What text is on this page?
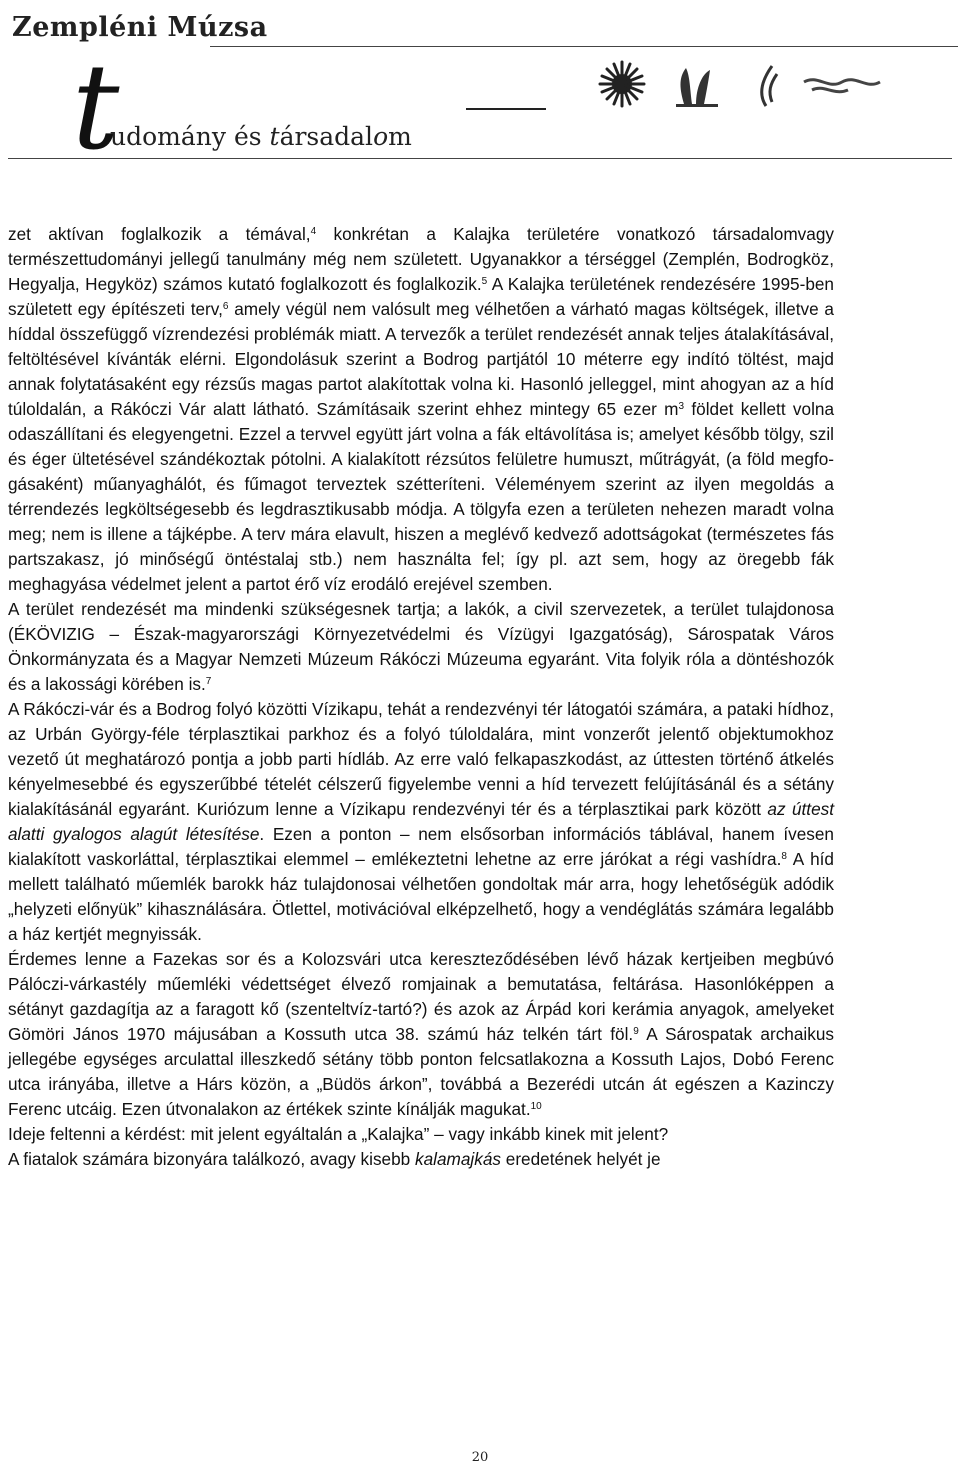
Zempléni Múzsa
t
udomány és társadalom

zet aktívan foglalkozik a témával,$^4$ konkrétan a Kalajka területére vonatkozó társadalomvagy természettudományi jellegű tanulmány még nem született. Ugyanakkor a térséggel (Zemplén, Bodrogköz, Hegyalja, Hegyköz) számos kutató foglalkozott és foglalkozik.$^5$ A Kalajka területének rendezésére 1995-ben született egy építészeti terv,$^6$ amely végül nem valósult meg vélhetően a várható magas költségek, illetve a híddal összefüggő vízrendezési problémák miatt. A tervezők a terület rendezését annak teljes átalakításával, feltöltésével kívánták elérni. Elgondolásuk szerint a Bodrog partjától 10 méterre egy indító töltést, majd annak folytatásaként egy rézsűs magas partot alakítottak volna ki. Hasonló jelleggel, mint ahogyan az a híd túloldalán, a Rákóczi Vár alatt látható. Számításaik szerint ehhez mintegy 65 ezer $m^3$ földet kellett volna odaszállítani és elegyengetni. Ezzel a tervvel együtt járt volna a fák eltávolítása is; amelyet később tölgy, szil és éger ültetésével szándékoztak pótolni. A kialakított rézsútos felületre humuszt, műtrágyát, (a föld megfogásaként) műanyaghálót, és fűmagot terveztek szétteríteni. Véleményem szerint az ilyen megoldás a térrendezés legköltségesebb és legdrasztikusabb módja. A tölgyfa ezen a területen nehezen maradt volna meg; nem is illene a tájképbe. A terv mára elavult, hiszen a meglévő kedvező adottságokat (természetes fás partszakasz, jó minőségű öntéstalaj stb.) nem használta fel; így pl. azt sem, hogy az öregebb fák meghagyása védelmet jelent a partot érő víz erodáló erejével szemben.

A terület rendezését ma mindenki szükségesnek tartja; a lakók, a civil szervezetek, a terület tulajdonosa (ÉKÖVIZIG – Észak-magyarországi Környezetvédelmi és Vízügyi Igazgatóság), Sárospatak Város Önkormányzata és a Magyar Nemzeti Múzeum Rákóczi Múzeuma egyaránt. Vita folyik róla a döntéshozók és a lakossági körében is.$^7$

A Rákóczi-vár és a Bodrog folyó közötti Vízikapu, tehát a rendezvényi tér látogatói számára, a pataki hídhoz, az Urbán György-féle térplasztikai parkhoz és a folyó túloldalára, mint vonzerőt jelentő objektumokhoz vezető út meghatározó pontja a jobb parti hídláb. Az erre való felkapaszkodást, az úttesten történő átkelés kényelmesebbé és egyszerűbbé tételét célszerű figyelembe venni a híd tervezett felújításánál és a sétány kialakításánál egyaránt. Kuriózum lenne a Vízikapu rendezvényi tér és a térplasztikai park között az úttest alatti gyalogos alagút létesítése. Ezen a ponton – nem elsősorban információs táblával, hanem ívesen kialakított vaskorláttal, térplasztikai elemmel – emlékeztetni lehetne az erre járókat a régi vashídra.$^8$ A híd mellett található műemlék barokk ház tulajdonosai vélhetően gondoltak már arra, hogy lehetőségük adódik „helyzeti előnyük” kihasználására. Ötlettel, motivációval elképzelhető, hogy a vendéglátás számára legalább a ház kertjét megnyissák.

Érdemes lenne a Fazekas sor és a Kolozsvári utca kereszteződésében lévő házak kertjeiben megbúvó Pálóczi-várkastély műemléki védettséget élvező romjainak a bemutatása, feltárása. Hasonlóképpen a sétányt gazdagítja az a faragott kő (szenteltvíz-tartó?) és azok az Árpád kori kerámia anyagok, amelyeket Gömöri János 1970 májusában a Kossuth utca 38. számú ház telkén tárt föl.$^9$ A Sárospatak archaikus jellegébe egységes arculattal illeszkedő sétány több ponton felcsatlakozna a Kossuth Lajos, Dobó Ferenc utca irányába, illetve a Hárs közön, a „Büdös árkon”, továbbá a Bezerédi utcán át egészen a Kazinczy Ferenc utcáig. Ezen útvonalakon az értékek szinte kínálják magukat.$^{10}$

Ideje feltenni a kérdést: mit jelent egyáltalán a „Kalajka” – vagy inkább kinek mit jelent?

A fiatalok számára bizonyára találkozó, avagy kisebb kalamajkás eredetének helyét je

20
